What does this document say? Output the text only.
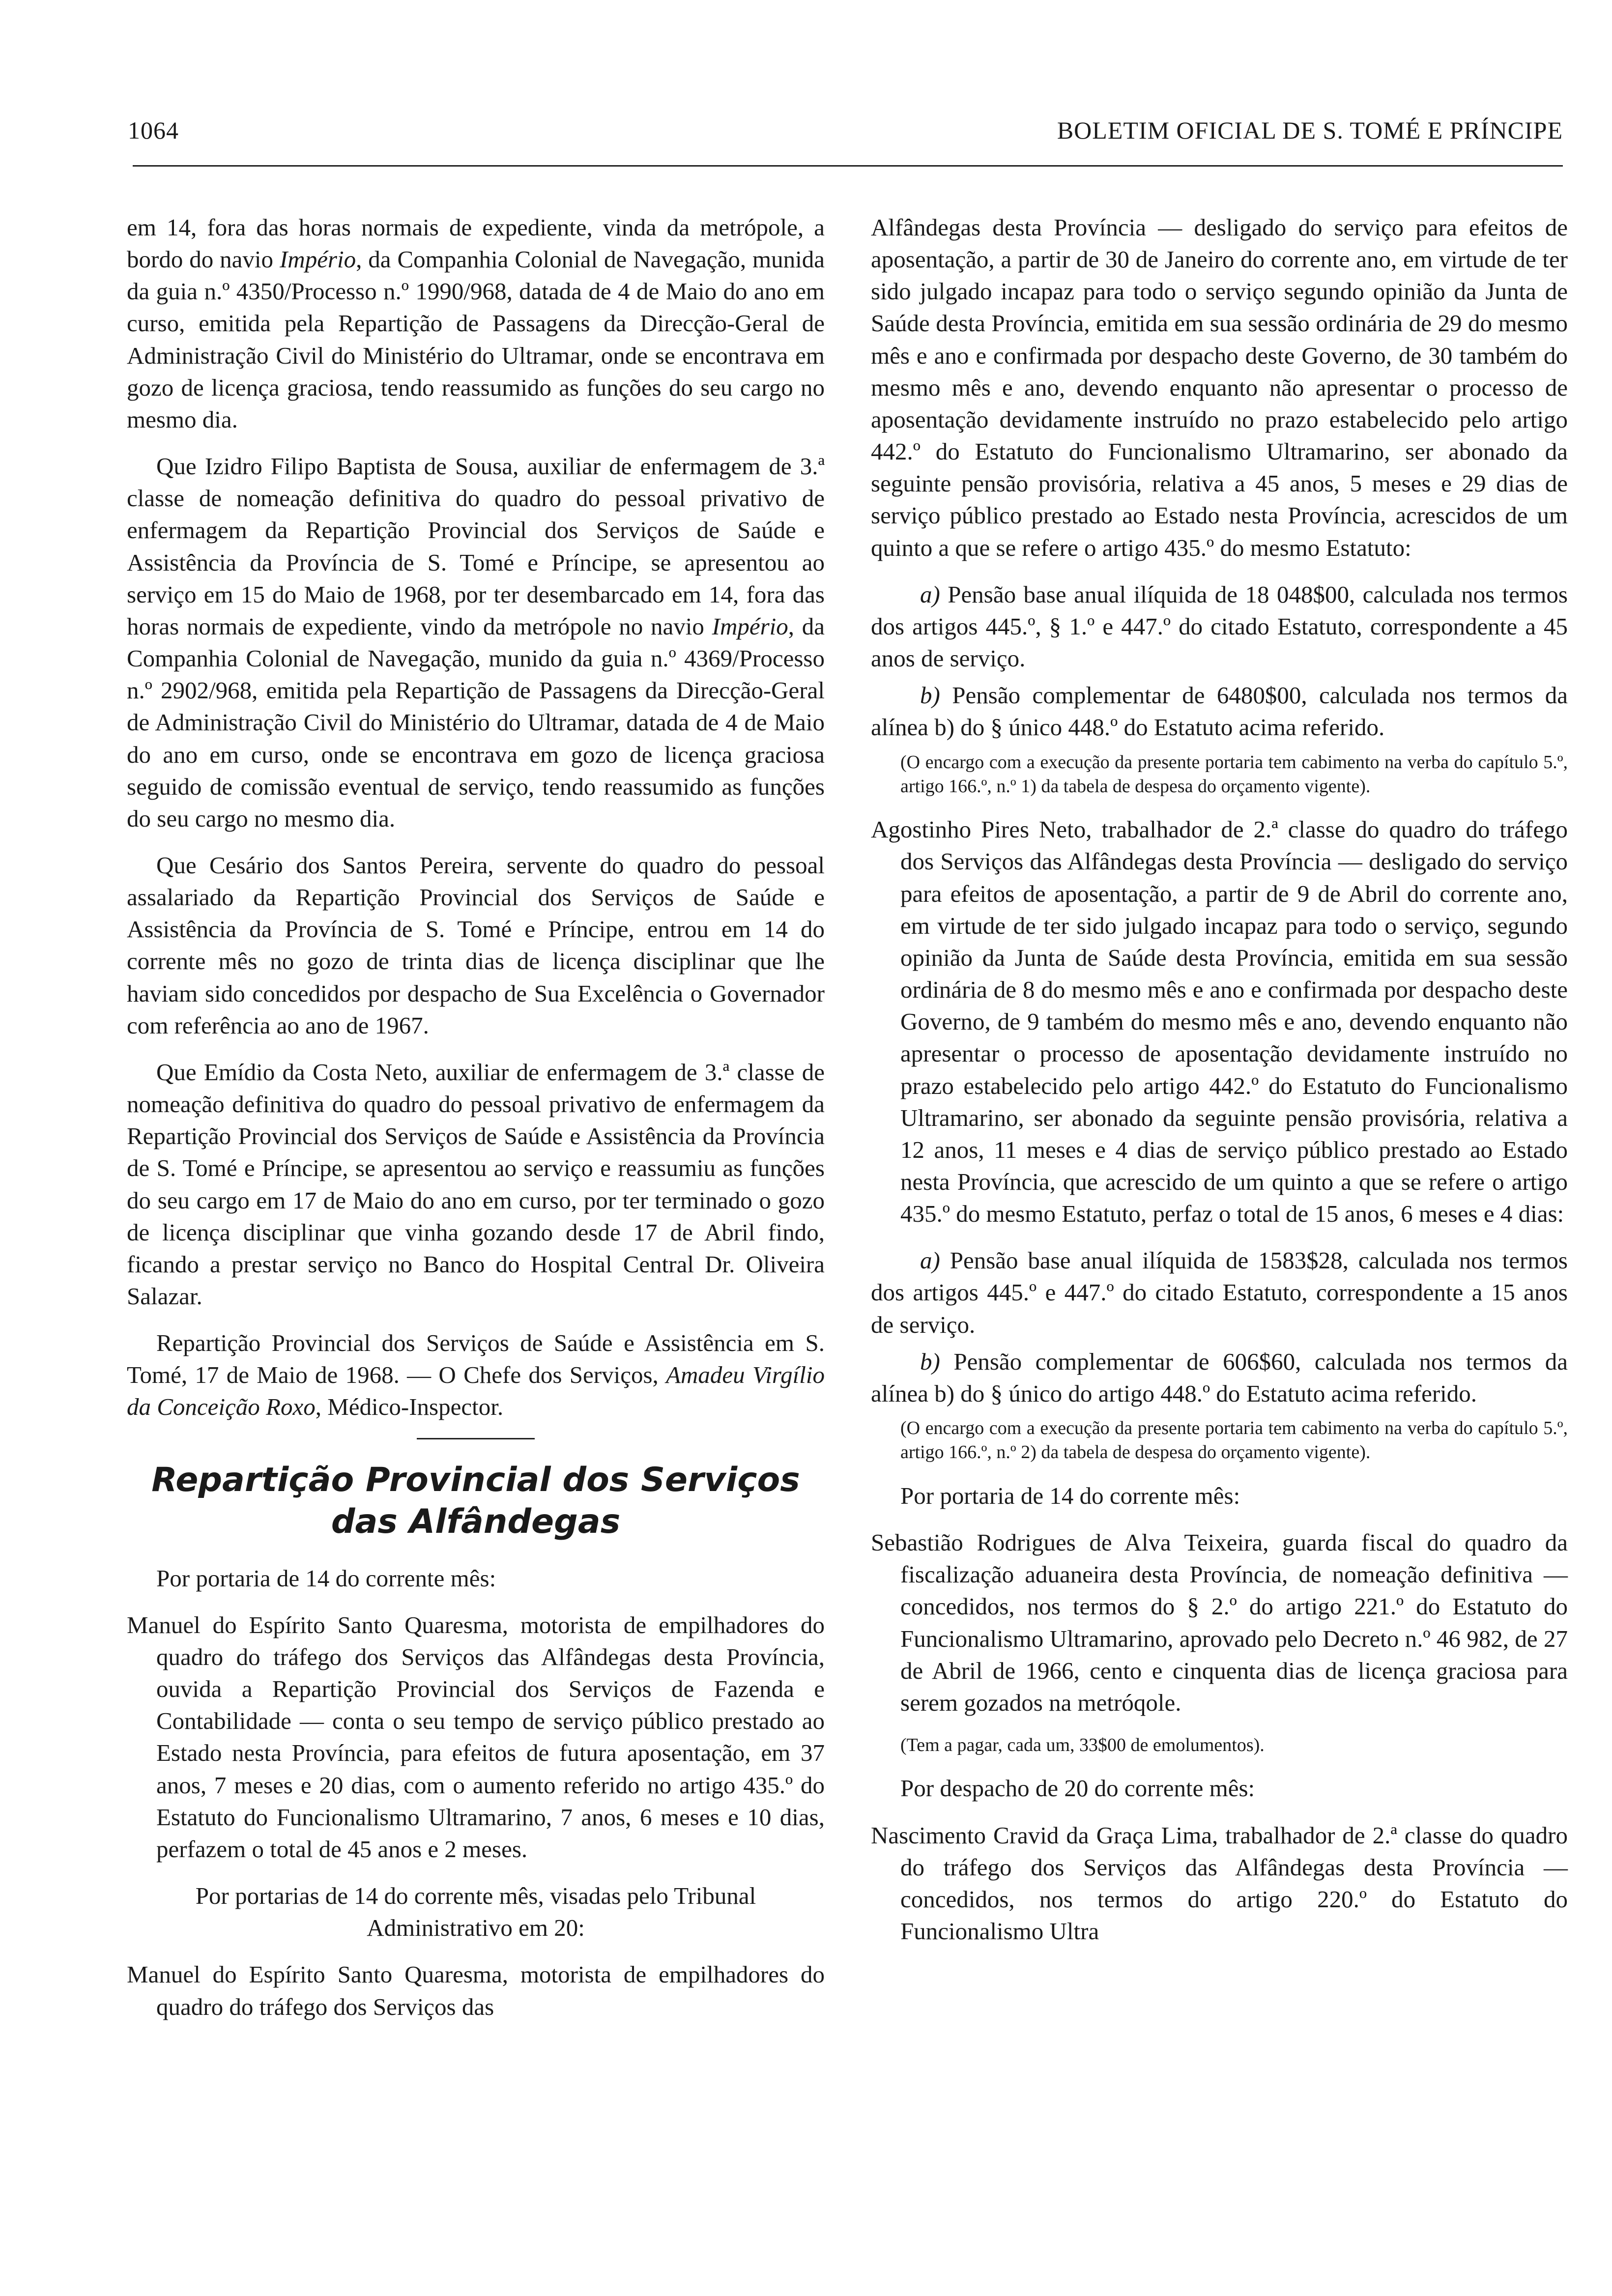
1064	BOLETIM OFICIAL DE S. TOMÉ E PRÍNCIPE

em 14, fora das horas normais de expediente, vinda da metrópole, a bordo do navio Império, da Companhia Colonial de Navegação, munida da guia n.º 4350/Processo n.º 1990/968, datada de 4 de Maio do ano em curso, emitida pela Repartição de Passagens da Direcção-Geral de Administração Civil do Ministério do Ultramar, onde se encontrava em gozo de licença graciosa, tendo reassumido as funções do seu cargo no mesmo dia.

Que Izidro Filipo Baptista de Sousa, auxiliar de enfermagem de 3.ª classe de nomeação definitiva do quadro do pessoal privativo de enfermagem da Repartição Provincial dos Serviços de Saúde e Assistência da Província de S. Tomé e Príncipe, se apresentou ao serviço em 15 do Maio de 1968, por ter desembarcado em 14, fora das horas normais de expediente, vindo da metrópole no navio Império, da Companhia Colonial de Navegação, munido da guia n.º 4369/Processo n.º 2902/968, emitida pela Repartição de Passagens da Direcção-Geral de Administração Civil do Ministério do Ultramar, datada de 4 de Maio do ano em curso, onde se encontrava em gozo de licença graciosa seguido de comissão eventual de serviço, tendo reassumido as funções do seu cargo no mesmo dia.

Que Cesário dos Santos Pereira, servente do quadro do pessoal assalariado da Repartição Provincial dos Serviços de Saúde e Assistência da Província de S. Tomé e Príncipe, entrou em 14 do corrente mês no gozo de trinta dias de licença disciplinar que lhe haviam sido concedidos por despacho de Sua Excelência o Governador com referência ao ano de 1967.

Que Emídio da Costa Neto, auxiliar de enfermagem de 3.ª classe de nomeação definitiva do quadro do pessoal privativo de enfermagem da Repartição Provincial dos Serviços de Saúde e Assistência da Província de S. Tomé e Príncipe, se apresentou ao serviço e reassumiu as funções do seu cargo em 17 de Maio do ano em curso, por ter terminado o gozo de licença disciplinar que vinha gozando desde 17 de Abril findo, ficando a prestar serviço no Banco do Hospital Central Dr. Oliveira Salazar.

Repartição Provincial dos Serviços de Saúde e Assistência em S. Tomé, 17 de Maio de 1968. — O Chefe dos Serviços, Amadeu Virgílio da Conceição Roxo, Médico-Inspector.

Repartição Provincial dos Serviços das Alfândegas

Por portaria de 14 do corrente mês:

Manuel do Espírito Santo Quaresma, motorista de empilhadores do quadro do tráfego dos Serviços das Alfândegas desta Província, ouvida a Repartição Provincial dos Serviços de Fazenda e Contabilidade — conta o seu tempo de serviço público prestado ao Estado nesta Província, para efeitos de futura aposentação, em 37 anos, 7 meses e 20 dias, com o aumento referido no artigo 435.º do Estatuto do Funcionalismo Ultramarino, 7 anos, 6 meses e 10 dias, perfazem o total de 45 anos e 2 meses.

Por portarias de 14 do corrente mês, visadas pelo Tribunal Administrativo em 20:

Manuel do Espírito Santo Quaresma, motorista de empilhadores do quadro do tráfego dos Serviços das

Alfândegas desta Província — desligado do serviço para efeitos de aposentação, a partir de 30 de Janeiro do corrente ano, em virtude de ter sido julgado incapaz para todo o serviço segundo opinião da Junta de Saúde desta Província, emitida em sua sessão ordinária de 29 do mesmo mês e ano e confirmada por despacho deste Governo, de 30 também do mesmo mês e ano, devendo enquanto não apresentar o processo de aposentação devidamente instruído no prazo estabelecido pelo artigo 442.º do Estatuto do Funcionalismo Ultramarino, ser abonado da seguinte pensão provisória, relativa a 45 anos, 5 meses e 29 dias de serviço público prestado ao Estado nesta Província, acrescidos de um quinto a que se refere o artigo 435.º do mesmo Estatuto:

a) Pensão base anual ilíquida de 18 048$00, calculada nos termos dos artigos 445.º, § 1.º e 447.º do citado Estatuto, correspondente a 45 anos de serviço.

b) Pensão complementar de 6480$00, calculada nos termos da alínea b) do § único 448.º do Estatuto acima referido.

(O encargo com a execução da presente portaria tem cabimento na verba do capítulo 5.º, artigo 166.º, n.º 1) da tabela de despesa do orçamento vigente).

Agostinho Pires Neto, trabalhador de 2.ª classe do quadro do tráfego dos Serviços das Alfândegas desta Província — desligado do serviço para efeitos de aposentação, a partir de 9 de Abril do corrente ano, em virtude de ter sido julgado incapaz para todo o serviço, segundo opinião da Junta de Saúde desta Província, emitida em sua sessão ordinária de 8 do mesmo mês e ano e confirmada por despacho deste Governo, de 9 também do mesmo mês e ano, devendo enquanto não apresentar o processo de aposentação devidamente instruído no prazo estabelecido pelo artigo 442.º do Estatuto do Funcionalismo Ultramarino, ser abonado da seguinte pensão provisória, relativa a 12 anos, 11 meses e 4 dias de serviço público prestado ao Estado nesta Província, que acrescido de um quinto a que se refere o artigo 435.º do mesmo Estatuto, perfaz o total de 15 anos, 6 meses e 4 dias:

a) Pensão base anual ilíquida de 1583$28, calculada nos termos dos artigos 445.º e 447.º do citado Estatuto, correspondente a 15 anos de serviço.

b) Pensão complementar de 606$60, calculada nos termos da alínea b) do § único do artigo 448.º do Estatuto acima referido.

(O encargo com a execução da presente portaria tem cabimento na verba do capítulo 5.º, artigo 166.º, n.º 2) da tabela de despesa do orçamento vigente).

Por portaria de 14 do corrente mês:

Sebastião Rodrigues de Alva Teixeira, guarda fiscal do quadro da fiscalização aduaneira desta Província, de nomeação definitiva — concedidos, nos termos do § 2.º do artigo 221.º do Estatuto do Funcionalismo Ultramarino, aprovado pelo Decreto n.º 46 982, de 27 de Abril de 1966, cento e cinquenta dias de licença graciosa para serem gozados na metróqole.

(Tem a pagar, cada um, 33$00 de emolumentos).

Por despacho de 20 do corrente mês:

Nascimento Cravid da Graça Lima, trabalhador de 2.ª classe do quadro do tráfego dos Serviços das Alfândegas desta Província — concedidos, nos termos do artigo 220.º do Estatuto do Funcionalismo Ultra
